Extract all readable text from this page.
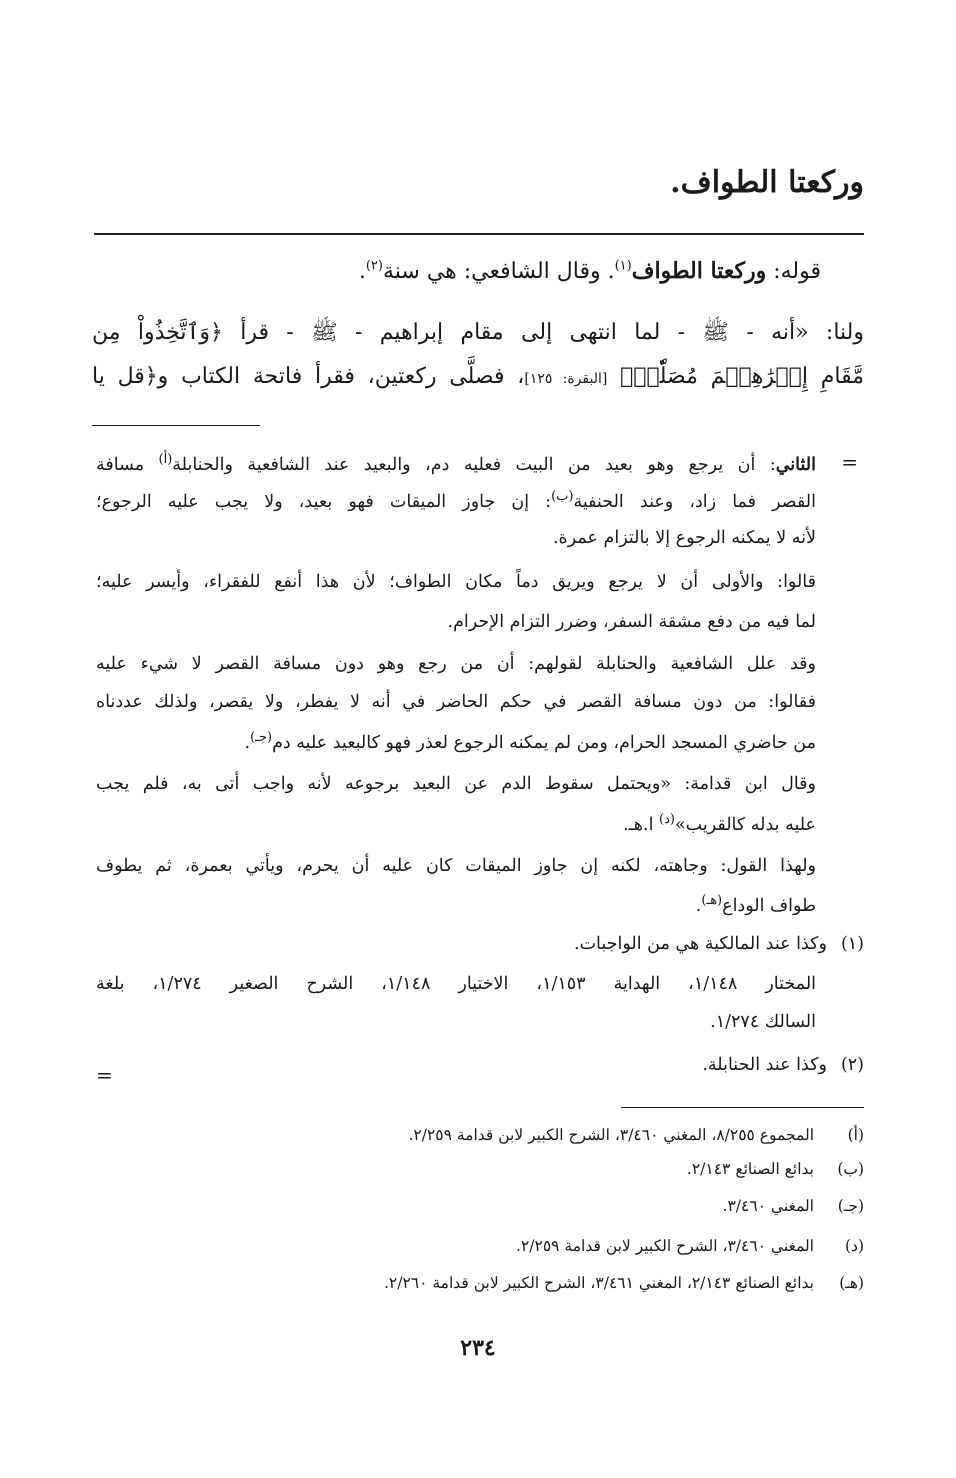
وركعتا الطواف.
قوله: وركعتا الطواف$^{(١)}$. وقال الشافعي: هي سنة$^{(٢)}$.
ولنا: «أنه - ﷺ - لما انتهى إلى مقام إبراهيم - ﷺ - قرأ ﴿وَٱتَّخِذُواْ مِن
مَّقَامِ إِبۡرَٰهِـۧمَ مُصَلّٗىۖ﴾ [البقرة: ١٢٥]، فصلَّى ركعتين، فقرأ فاتحة الكتاب و﴿قل يا
=
=
الثاني: أن يرجع وهو بعيد من البيت فعليه دم، والبعيد عند الشافعية والحنابلة$^{(أ)}$ مسافة
القصر فما زاد، وعند الحنفية$^{(ب)}$: إن جاوز الميقات فهو بعيد، ولا يجب عليه الرجوع؛
لأنه لا يمكنه الرجوع إلا بالتزام عمرة.
قالوا: والأولى أن لا يرجع ويريق دماً مكان الطواف؛ لأن هذا أنفع للفقراء، وأيسر عليه؛
لما فيه من دفع مشقة السفر، وضرر التزام الإحرام.
وقد علل الشافعية والحنابلة لقولهم: أن من رجع وهو دون مسافة القصر لا شيء عليه
فقالوا: من دون مسافة القصر في حكم الحاضر في أنه لا يفطر، ولا يقصر، ولذلك عددناه
من حاضري المسجد الحرام، ومن لم يمكنه الرجوع لعذر فهو كالبعيد عليه دم$^{(جـ)}$.
وقال ابن قدامة: «ويحتمل سقوط الدم عن البعيد برجوعه لأنه واجب أتى به، فلم يجب
عليه بدله كالقريب»$^{(د)}$ ا.هـ.
ولهذا القول: وجاهته، لكنه إن جاوز الميقات كان عليه أن يحرم، ويأتي بعمرة، ثم يطوف
طواف الوداع$^{(هـ)}$.
(١)وكذا عند المالكية هي من الواجبات.
المختار ١/١٤٨، الهداية ١/١٥٣، الاختيار ١/١٤٨، الشرح الصغير ١/٢٧٤، بلغة
السالك ١/٢٧٤.
(٢)وكذا عند الحنابلة.
(أ)المجموع ٨/٢٥٥، المغني ٣/٤٦٠، الشرح الكبير لابن قدامة ٢/٢٥٩.
(ب)بدائع الصنائع ٢/١٤٣.
(جـ)المغني ٣/٤٦٠.
(د)المغني ٣/٤٦٠، الشرح الكبير لابن قدامة ٢/٢٥٩.
(هـ)بدائع الصنائع ٢/١٤٣، المغني ٣/٤٦١، الشرح الكبير لابن قدامة ٢/٢٦٠.
٢٣٤
